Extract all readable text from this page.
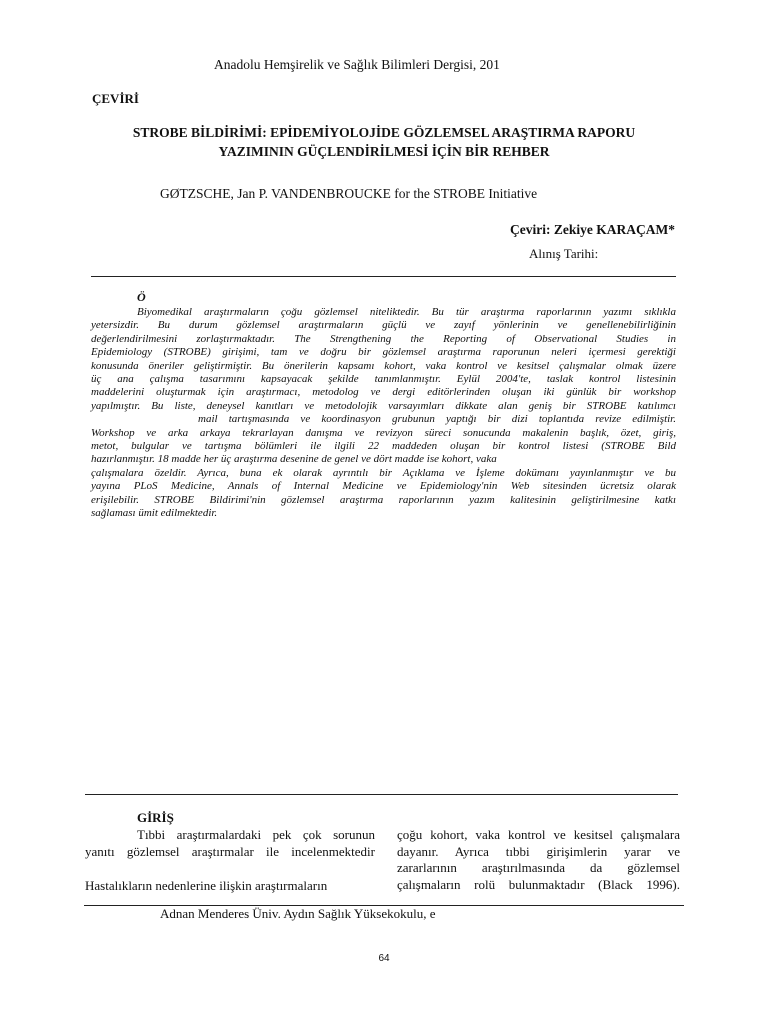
Anadolu Hemşirelik ve Sağlık Bilimleri Dergisi, 201
ÇEVİRİ
STROBE BİLDİRİMİ: EPİDEMİYOLOJİDE GÖZLEMSEL ARAŞTIRMA RAPORU
YAZIMININ GÜÇLENDİRİLMESİ İÇİN BİR REHBER
GØTZSCHE, Jan P. VANDENBROUCKE for the STROBE Initiative
Çeviri: Zekiye KARAÇAM*
Alınış Tarihi:
Ö

Biyomedikal araştırmaların çoğu gözlemsel niteliktedir. Bu tür araştırma raporlarının yazımı sıklıkla

yetersizdir. Bu durum gözlemsel araştırmaların güçlü ve zayıf yönlerinin ve genellenebilirliğinin

değerlendirilmesini zorlaştırmaktadır. The Strengthening the Reporting of Observational Studies in

Epidemiology (STROBE) girişimi, tam ve doğru bir gözlemsel araştırma raporunun neleri içermesi gerektiği

konusunda öneriler geliştirmiştir. Bu önerilerin kapsamı kohort, vaka kontrol ve kesitsel çalışmalar olmak üzere

üç ana çalışma tasarımını kapsayacak şekilde tanımlanmıştır. Eylül 2004'te, taslak kontrol listesinin

maddelerini oluşturmak için araştırmacı, metodolog ve dergi editörlerinden oluşan iki günlük bir workshop

yapılmıştır. Bu liste, deneysel kanıtları ve metodolojik varsayımları dikkate alan geniş bir STROBE katılımcı

mail tartışmasında ve koordinasyon grubunun yaptığı bir dizi toplantıda revize edilmiştir.

Workshop ve arka arkaya tekrarlayan danışma ve revizyon süreci sonucunda makalenin başlık, özet, giriş,

metot, bulgular ve tartışma bölümleri ile ilgili 22 maddeden oluşan bir kontrol listesi (STROBE Bild

hazırlanmıştır. 18 madde her üç araştırma desenine de genel ve dört madde ise kohort, vaka

çalışmalara özeldir. Ayrıca, buna ek olarak ayrıntılı bir Açıklama ve İşleme dokümanı yayınlanmıştır ve bu

yayına PLoS Medicine, Annals of Internal Medicine ve Epidemiology'nin Web sitesinden ücretsiz olarak

erişilebilir. STROBE Bildirimi'nin gözlemsel araştırma raporlarının yazım kalitesinin geliştirilmesine katkı

sağlaması ümit edilmektedir.

GİRİŞ

Tıbbi araştırmalardaki pek çok sorunun

yanıtı gözlemsel araştırmalar ile incelenmektedir

Hastalıkların nedenlerine ilişkin araştırmaların

çoğu kohort, vaka kontrol ve kesitsel çalışmalara

dayanır. Ayrıca tıbbi girişimlerin yarar ve

zararlarının araştırılmasında da gözlemsel

çalışmaların rolü bulunmaktadır (Black 1996).

Adnan Menderes Üniv. Aydın Sağlık Yüksekokulu, e
64
